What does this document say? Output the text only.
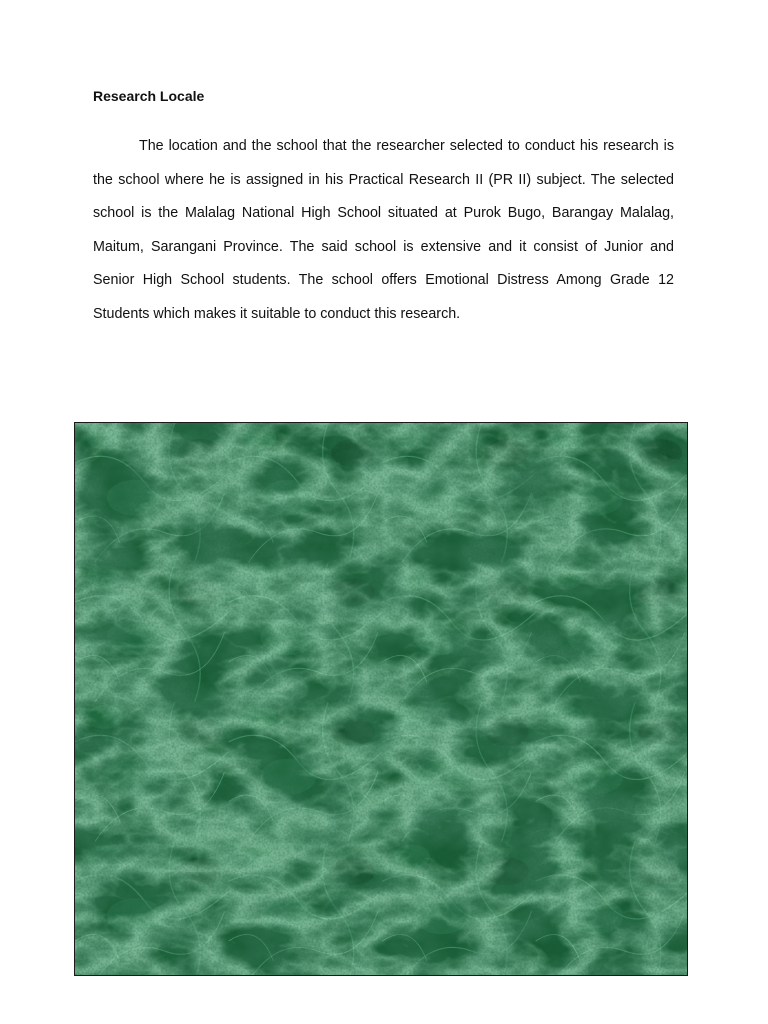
Research Locale

The location and the school that the researcher selected to conduct his research is the school where he is assigned in his Practical Research II (PR II) subject. The selected school is the Malalag National High School situated at Purok Bugo, Barangay Malalag, Maitum, Sarangani Province. The said school is extensive and it consist of Junior and Senior High School students. The school offers Emotional Distress Among Grade 12 Students which makes it suitable to conduct this research.
